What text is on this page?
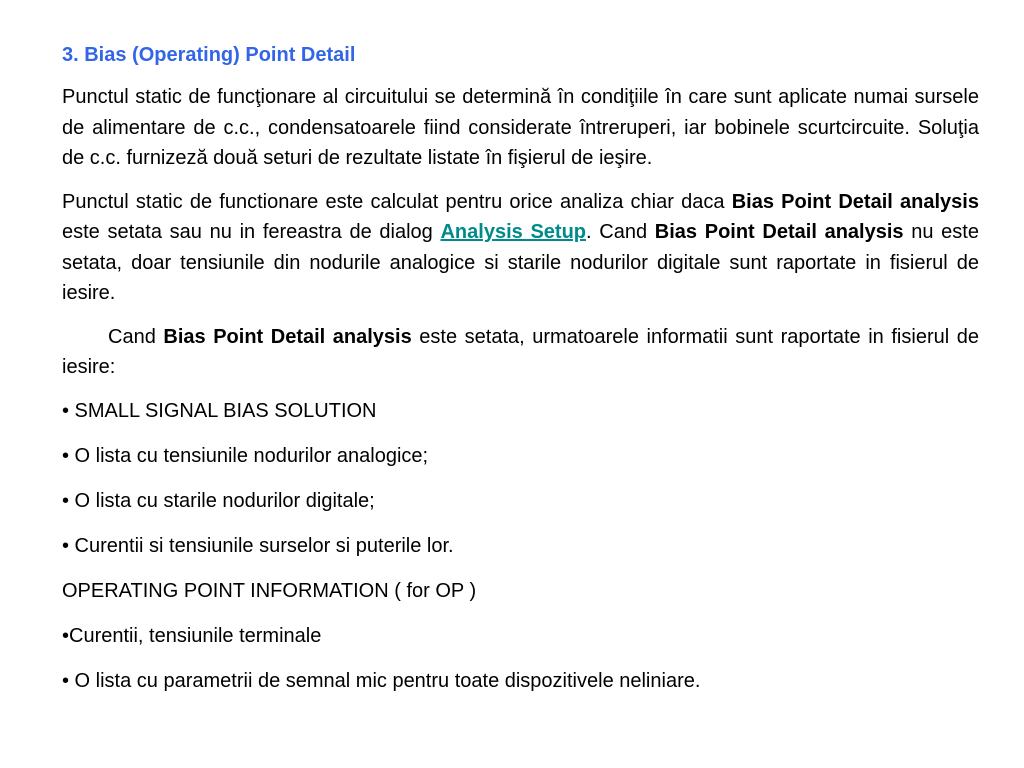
3. Bias (Operating) Point Detail

Punctul static de funcţionare al circuitului se determină în condiţiile în care sunt aplicate numai sursele de alimentare de c.c., condensatoarele fiind considerate întreruperi, iar bobinele scurtcircuite. Soluţia de c.c. furnizeză două seturi de rezultate listate în fişierul de ieşire.

Punctul static de functionare este calculat pentru orice analiza chiar daca Bias Point Detail analysis este setata sau nu in fereastra de dialog Analysis Setup. Cand Bias Point Detail analysis nu este setata, doar tensiunile din nodurile analogice si starile nodurilor digitale sunt raportate in fisierul de iesire.

Cand Bias Point Detail analysis este setata, urmatoarele informatii sunt raportate in fisierul de iesire:

• SMALL SIGNAL BIAS SOLUTION

• O lista cu tensiunile nodurilor analogice;

• O lista cu starile nodurilor digitale;

• Curentii si tensiunile surselor si puterile lor.

OPERATING POINT INFORMATION ( for OP )

•Curentii, tensiunile terminale

• O lista cu parametrii de semnal mic pentru toate dispozitivele neliniare.
